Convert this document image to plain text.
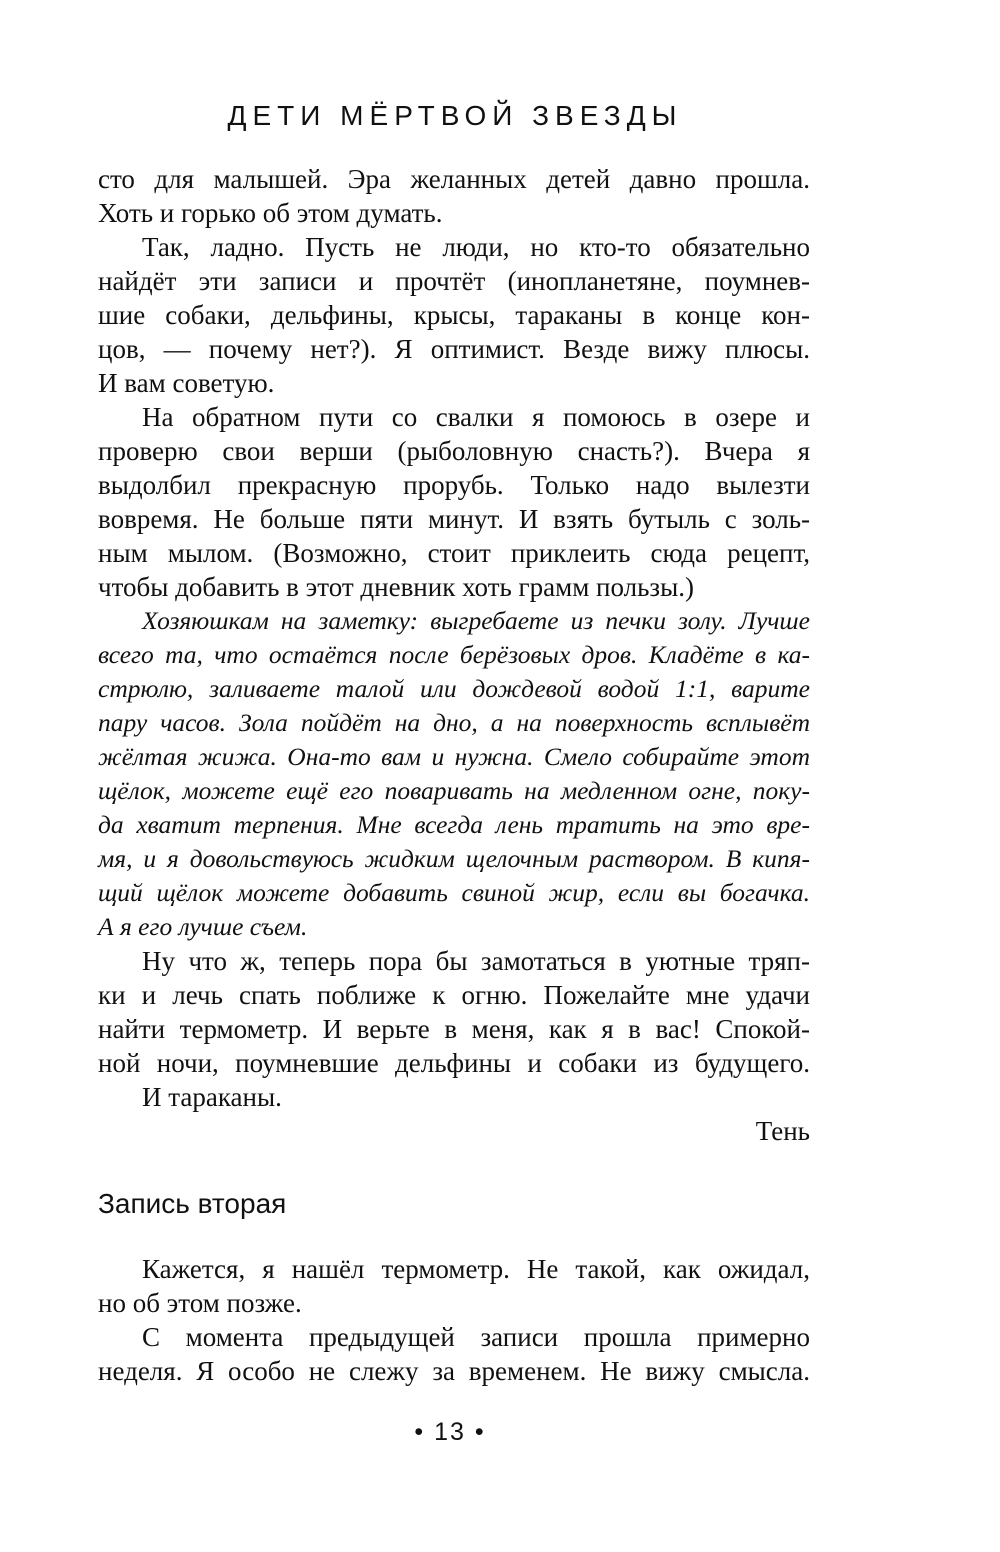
ДЕТИ МЁРТВОЙ ЗВЕЗДЫ
сто для малышей. Эра желанных детей давно прошла.
Хоть и горько об этом думать.
Так, ладно. Пусть не люди, но кто-то обязательно
найдёт эти записи и прочтёт (инопланетяне, поумнев-
шие собаки, дельфины, крысы, тараканы в конце кон-
цов, — почему нет?). Я оптимист. Везде вижу плюсы.
И вам советую.
На обратном пути со свалки я помоюсь в озере и
проверю свои верши (рыболовную снасть?). Вчера я
выдолбил прекрасную прорубь. Только надо вылезти
вовремя. Не больше пяти минут. И взять бутыль с золь-
ным мылом. (Возможно, стоит приклеить сюда рецепт,
чтобы добавить в этот дневник хоть грамм пользы.)
Хозяюшкам на заметку: выгребаете из печки золу. Лучше
всего та, что остаётся после берёзовых дров. Кладёте в ка-
стрюлю, заливаете талой или дождевой водой 1:1, варите
пару часов. Зола пойдёт на дно, а на поверхность всплывёт
жёлтая жижа. Она-то вам и нужна. Смело собирайте этот
щёлок, можете ещё его поваривать на медленном огне, поку-
да хватит терпения. Мне всегда лень тратить на это вре-
мя, и я довольствуюсь жидким щелочным раствором. В кипя-
щий щёлок можете добавить свиной жир, если вы богачка.
А я его лучше съем.
Ну что ж, теперь пора бы замотаться в уютные тряп-
ки и лечь спать поближе к огню. Пожелайте мне удачи
найти термометр. И верьте в меня, как я в вас! Спокой-
ной ночи, поумневшие дельфины и собаки из будущего.
И тараканы.
Тень
Запись вторая
Кажется, я нашёл термометр. Не такой, как ожидал,
но об этом позже.
С момента предыдущей записи прошла примерно
неделя. Я особо не слежу за временем. Не вижу смысла.
• 13 •
